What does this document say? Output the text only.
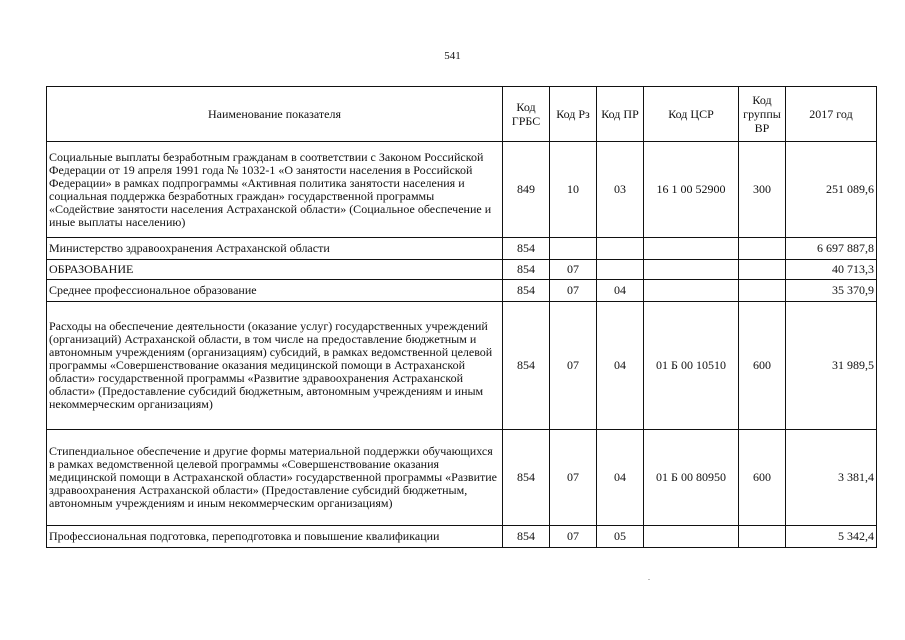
541
Наименование показателя	Код ГРБС	Код Рз	Код ПР	Код ЦСР	Код группы ВР	2017 год
Социальные выплаты безработным гражданам в соответствии с Законом Российской Федерации от 19 апреля 1991 года № 1032-1 «О занятости населения в Российской Федерации» в рамках подпрограммы «Активная политика занятости населения и социальная поддержка безработных граждан» государственной программы «Содействие занятости населения Астраханской области» (Социальное обеспечение и иные выплаты населению)	849	10	03	16 1 00 52900	300	251 089,6
Министерство здравоохранения Астраханской области	854					6 697 887,8
ОБРАЗОВАНИЕ	854	07				40 713,3
Среднее профессиональное образование	854	07	04			35 370,9
Расходы на обеспечение деятельности (оказание услуг) государственных учреждений (организаций) Астраханской области, в том числе на предоставление бюджетным и автономным учреждениям (организациям) субсидий, в рамках ведомственной целевой программы «Совершенствование оказания медицинской помощи в Астраханской области» государственной программы «Развитие здравоохранения Астраханской области» (Предоставление субсидий бюджетным, автономным учреждениям и иным некоммерческим организациям)	854	07	04	01 Б 00 10510	600	31 989,5
Стипендиальное обеспечение и другие формы материальной поддержки обучающихся в рамках ведомственной целевой программы «Совершенствование оказания медицинской помощи в Астраханской области» государственной программы «Развитие здравоохранения Астраханской области» (Предоставление субсидий бюджетным, автономным учреждениям и иным некоммерческим организациям)	854	07	04	01 Б 00 80950	600	3 381,4
Профессиональная подготовка, переподготовка и повышение квалификации	854	07	05			5 342,4
